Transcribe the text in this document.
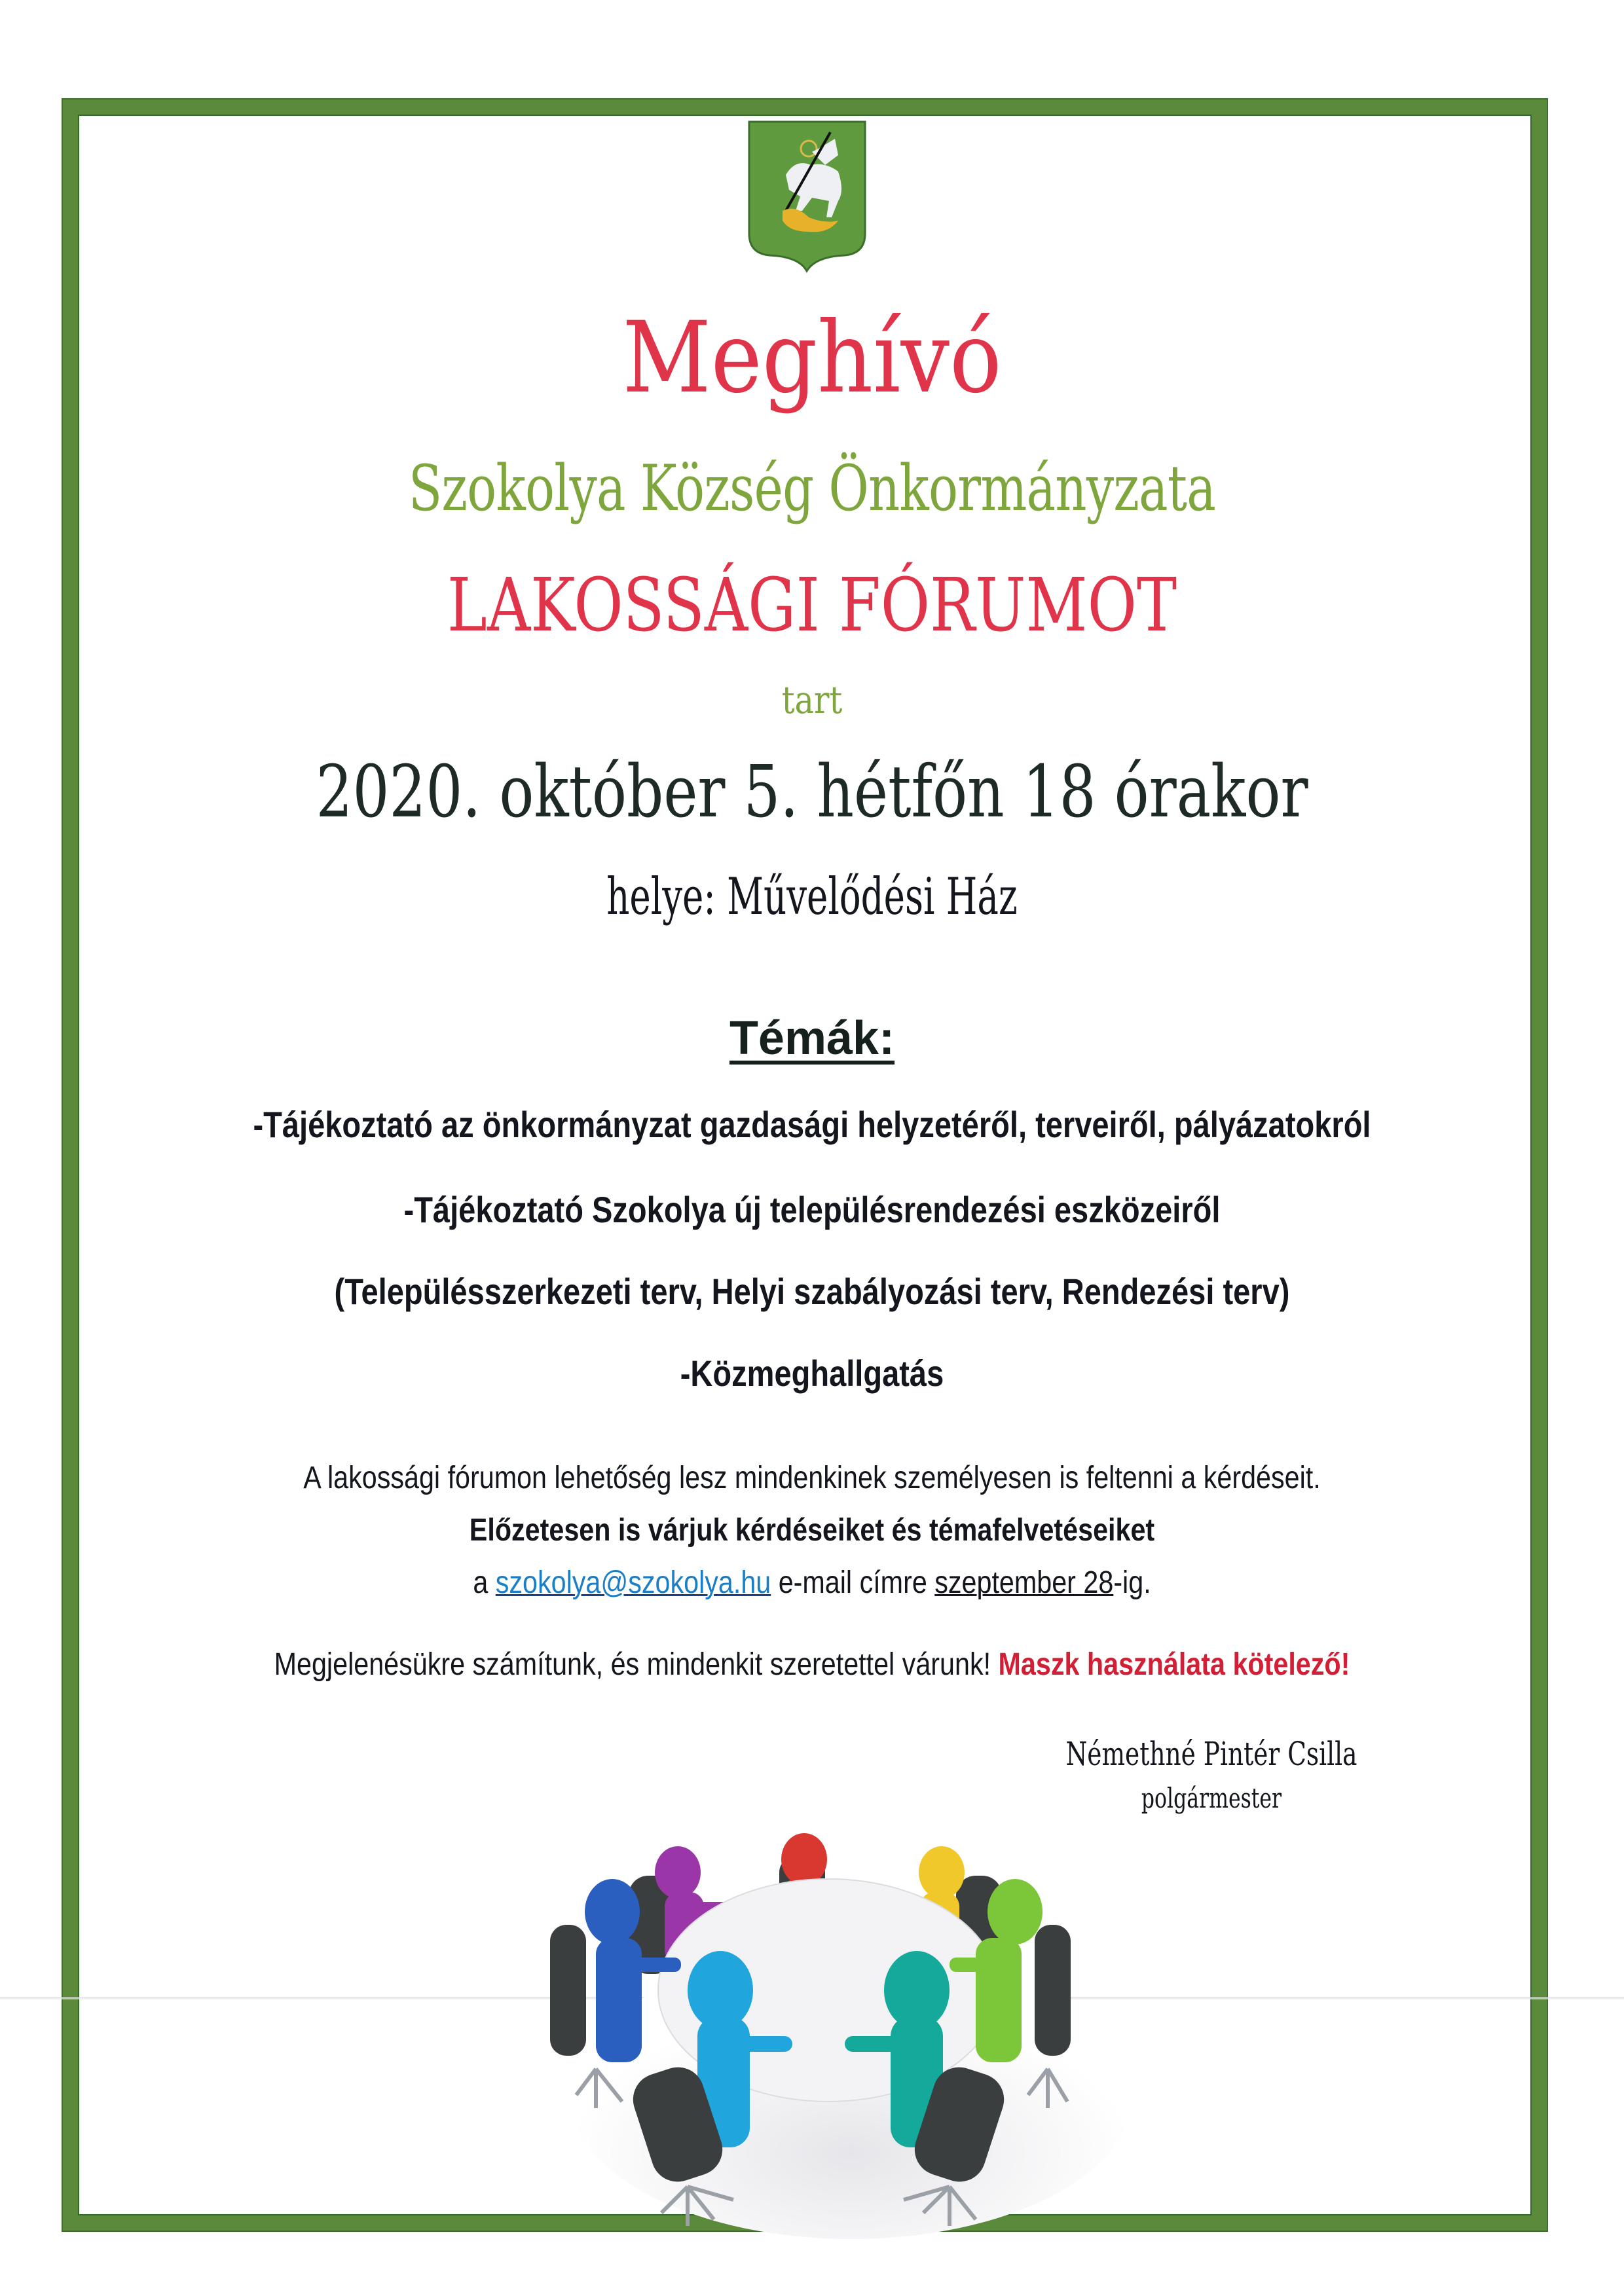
Meghívó
Szokolya Község Önkormányzata
LAKOSSÁGI FÓRUMOT
tart
2020. október 5. hétfőn 18 órakor
helye: Művelődési Ház
Témák:
-Tájékoztató az önkormányzat gazdasági helyzetéről, terveiről, pályázatokról
-Tájékoztató Szokolya új településrendezési eszközeiről
(Településszerkezeti terv, Helyi szabályozási terv, Rendezési terv)
-Közmeghallgatás
A lakossági fórumon lehetőség lesz mindenkinek személyesen is feltenni a kérdéseit.
Előzetesen is várjuk kérdéseiket és témafelvetéseiket
a szokolya@szokolya.hu e-mail címre szeptember 28-ig.
Megjelenésükre számítunk, és mindenkit szeretettel várunk! Maszk használata kötelező!
Némethné Pintér Csilla
polgármester
